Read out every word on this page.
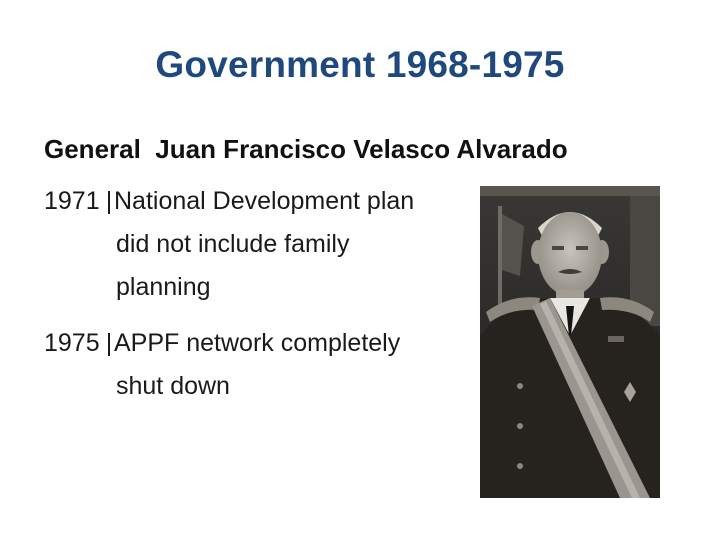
Government 1968-1975
General  Juan Francisco Velasco Alvarado
1971 |National Development plan
did not include family
planning
1975 |APPF network completely
shut down
